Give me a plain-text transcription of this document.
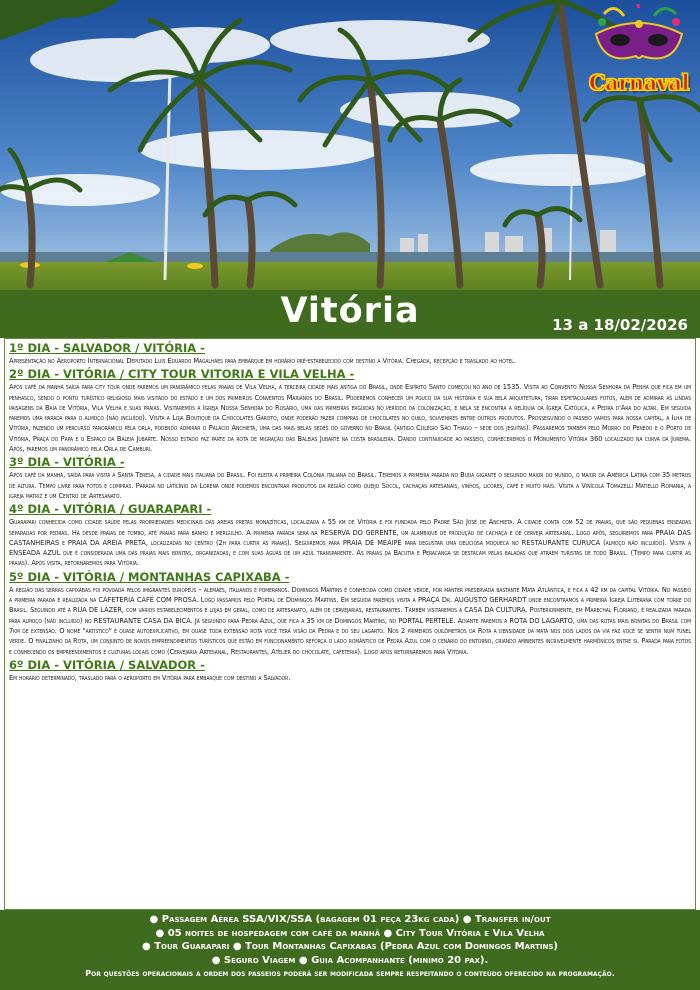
Carnaval
Vitória	13 a 18/02/2026
1º DIA - SALVADOR / VITÓRIA -
Apresentação no Aeroporto Internacional Deputado Luís Eduardo Magalhães para embarque em horário pré-estabelecido com destino a Vitória. Chegada, recepção e traslado ao hotel.
2º DIA - VITÓRIA / CITY TOUR VITORIA E VILA VELHA -
Após café da manhã saída para city tour onde faremos um panorâmico pelas praias de Vila Velha, a terceira cidade mais antiga do Brasil, onde Espírito Santo começou no ano de 1535. Visita ao Convento Nossa Senhora da Penha que fica em um penhasco, sendo o ponto turístico religioso mais visitado do estado e um dos primeiros Conventos Marianos do Brasil. Poderemos conhecer um pouco da sua história e sua bela arquitetura, tirar espetaculares fotos, além de admirar as lindas paisagens da Baía de Vitória, Vila Velha e suas praias. Visitaremos a Igreja Nossa Senhora do Rosário, uma das primeiras erguidas no período da colonização, e nela se encontra a relíquia da Igreja Católica, a Pedra d'Ara do altar. Em seguida faremos uma parada para o almoço (não incluído). Visita a Loja Boutique da Chocolates Garoto, onde poderão fazer compras de chocolates no quilo, souvenires entre outros produtos. Prosseguindo o passeio vamos para nossa capital, a Ilha de Vitória, fazendo um percurso panorâmico pela orla, podendo admirar o Palácio Anchieta, uma das mais belas sedes do governo no Brasil (antigo Colégio São Thiago – sede dos jesuítas). Passaremos também pelo Morro do Penedo e o Porto de Vitória, Praça do Papa e o Espaço da Baleia Jubarte. Nosso estado faz parte da rota de migração das Baleias Jubarte na costa brasileira. Dando continuidade ao passeio, conheceremos o Monumento Vitória 360 localizado na curva da Jurema. Após, faremos um panorâmico pela Orla de Camburi.
3º DIA - VITÓRIA -
Após café da manhã, saída para visita a Santa Teresa, a cidade mais italiana do Brasil. Foi eleita a primeira Colônia italiana do Brasil. Teremos a primeira parada no Buda gigante o segundo maior do mundo, o maior da América Latina com 35 metros de altura. Tempo livre para fotos e compras. Parada no laticínio da Lorena onde podemos encontrar produtos da região como queijo Socol, cachaças artesanais, vinhos, licores, café e muito mais. Visita a Vinícola Tomazelli Matiello Romania, a igreja matriz e um Centro de Artesanato.
4º DIA - VITÓRIA / GUARAPARI -
Guarapari conhecida como cidade saúde pelas propriedades medicinais das areias pretas monazíticas, localizada a 55 km de Vitória e foi fundada pelo Padre São José de Anchieta. A cidade conta com 52 de praias, que são pequenas enseadas separadas por pedras. Há desde praias de tombo, até praias para banho e mergulho. A primeira parada será na RESERVA DO GERENTE, um alambique de produção de cachaça e de cerveja artesanal. Logo após, seguiremos para PRAIA DAS CASTANHEIRAS e PRAIA DA AREIA PRETA, localizadas no centro (2h para curtir as praias). Seguiremos para PRAIA DE MEAIPE para degustar uma deliciosa moqueca no RESTAURANTE CURUCA (almoço não incluído). Visita a ENSEADA AZUL que é considerada uma das praias mais bonitas, organizadas, e com suas águas de um azul transparente. As praias da Bacutia e Peracanga se destacam pelas baladas que atraem turistas de todo Brasil. (Tempo para curtir as praias). Após visita, retornaremos para Vitória.
5º DIA - VITÓRIA / MONTANHAS CAPIXABA -
A região das serras capixabas foi povoada pelos imigrantes europeus – alemães, italianos e pomeranos. Domingos Martins é conhecida como cidade verde, por manter preservada bastante Mata Atlântica, e fica a 42 km da capital Vitória. No passeio a primeira parada é realizada na CAFETERIA CAFÉ COM PROSA. Logo passamos pelo Portal de Domingos Martins. Em seguida faremos visita a PRAÇA Dr. AUGUSTO GERHARDT onde encontramos a primeira Igreja Luterana com torre do Brasil. Seguindo até a RUA DE LAZER, com vários estabelecimentos e lojas em geral, como de artesanato, além de cervejarias, restaurantes. Também visitaremos a CASA DA CULTURA. Posteriormente, em Marechal Floriano, é realizada parada para almoço (não incluído) no RESTAURANTE CASA DA BICA. Já seguindo para Pedra Azul, que fica a 35 km de Domingos Martins, no PORTAL PERTELE. Adiante faremos a ROTA DO LAGARTO, uma das rotas mais bonitas do Brasil com 7km de extensão. O nome "artístico" é quase autoexplicativo, em quase toda extensão rota você terá visão da Pedra e do seu lagarto. Nos 2 primeiros quilômetros da Rota a densidade da mata nos dois lados da via faz você se sentir num túnel verde. O finalzinho da Rota, um conjunto de novos empreendimentos turísticos que estão em funcionamento reforça o lado romântico de Pedra Azul com o cenário do entorno, criando ambientes incrivelmente harmônicos entre si. Parada para fotos e conhecendo os empreendimentos e culturas locais como (Cervejaria Artesanal, Restaurantes, Atelier do chocolate, cafeteria). Logo após retornaremos para Vitória.
6º DIA - VITÓRIA / SALVADOR -
Em horário determinado, traslado para o aeroporto em Vitória para embarque com destino a Salvador.
● Passagem Aérea SSA/VIX/SSA (bagagem 01 peça 23kg cada) ● Transfer in/out
● 05 noites de hospedagem com café da manhã ● City Tour Vitória e Vila Velha
● Tour Guarapari ● Tour Montanhas Capixabas (Pedra Azul com Domingos Martins)
● Seguro Viagem ● Guia Acompanhante (minimo 20 pax).
Por questões operacionais a ordem dos passeios poderá ser modificada sempre respeitando o conteúdo oferecido na programação.
